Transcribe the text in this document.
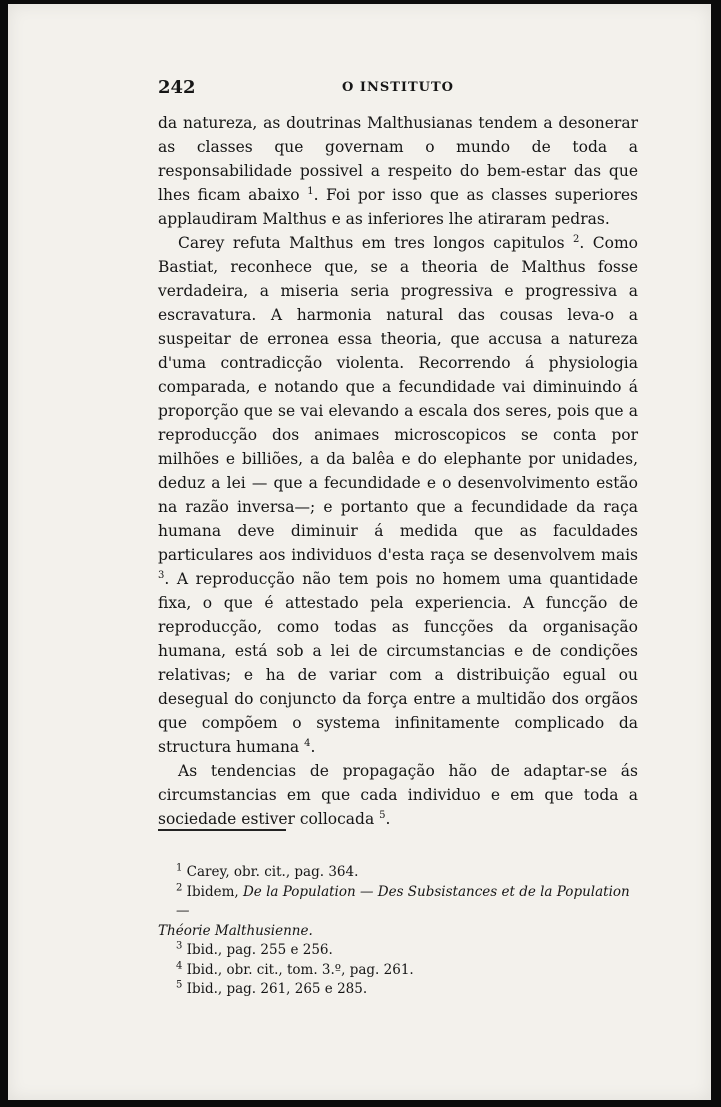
242	O INSTITUTO

da natureza, as doutrinas Malthusianas tendem a desonerar as classes que governam o mundo de toda a responsabilidade possivel a respeito do bem-estar das que lhes ficam abaixo $^1$. Foi por isso que as classes superiores applaudiram Malthus e as inferiores lhe atiraram pedras.

Carey refuta Malthus em tres longos capitulos $^2$. Como Bastiat, reconhece que, se a theoria de Malthus fosse verdadeira, a miseria seria progressiva e progressiva a escravatura. A harmonia natural das cousas leva-o a suspeitar de erronea essa theoria, que accusa a natureza d'uma contradicção violenta. Recorrendo á physiologia comparada, e notando que a fecundidade vai diminuindo á proporção que se vai elevando a escala dos seres, pois que a reproducção dos animaes microscopicos se conta por milhões e billiões, a da balêa e do elephante por unidades, deduz a lei — que a fecundidade e o desenvolvimento estão na razão inversa—; e portanto que a fecundidade da raça humana deve diminuir á medida que as faculdades particulares aos individuos d'esta raça se desenvolvem mais $^3$. A reproducção não tem pois no homem uma quantidade fixa, o que é attestado pela experiencia. A funcção de reproducção, como todas as funcções da organisação humana, está sob a lei de circumstancias e de condições relativas; e ha de variar com a distribuição egual ou desegual do conjuncto da força entre a multidão dos orgãos que compõem o systema infinitamente complicado da structura humana $^4$.

As tendencias de propagação hão de adaptar-se ás circumstancias em que cada individuo e em que toda a sociedade estiver collocada $^5$.

$^1$ Carey, obr. cit., pag. 364.
$^2$ Ibidem, De la Population — Des Subsistances et de la Population —
Théorie Malthusienne.
$^3$ Ibid., pag. 255 e 256.
$^4$ Ibid., obr. cit., tom. 3.º, pag. 261.
$^5$ Ibid., pag. 261, 265 e 285.
